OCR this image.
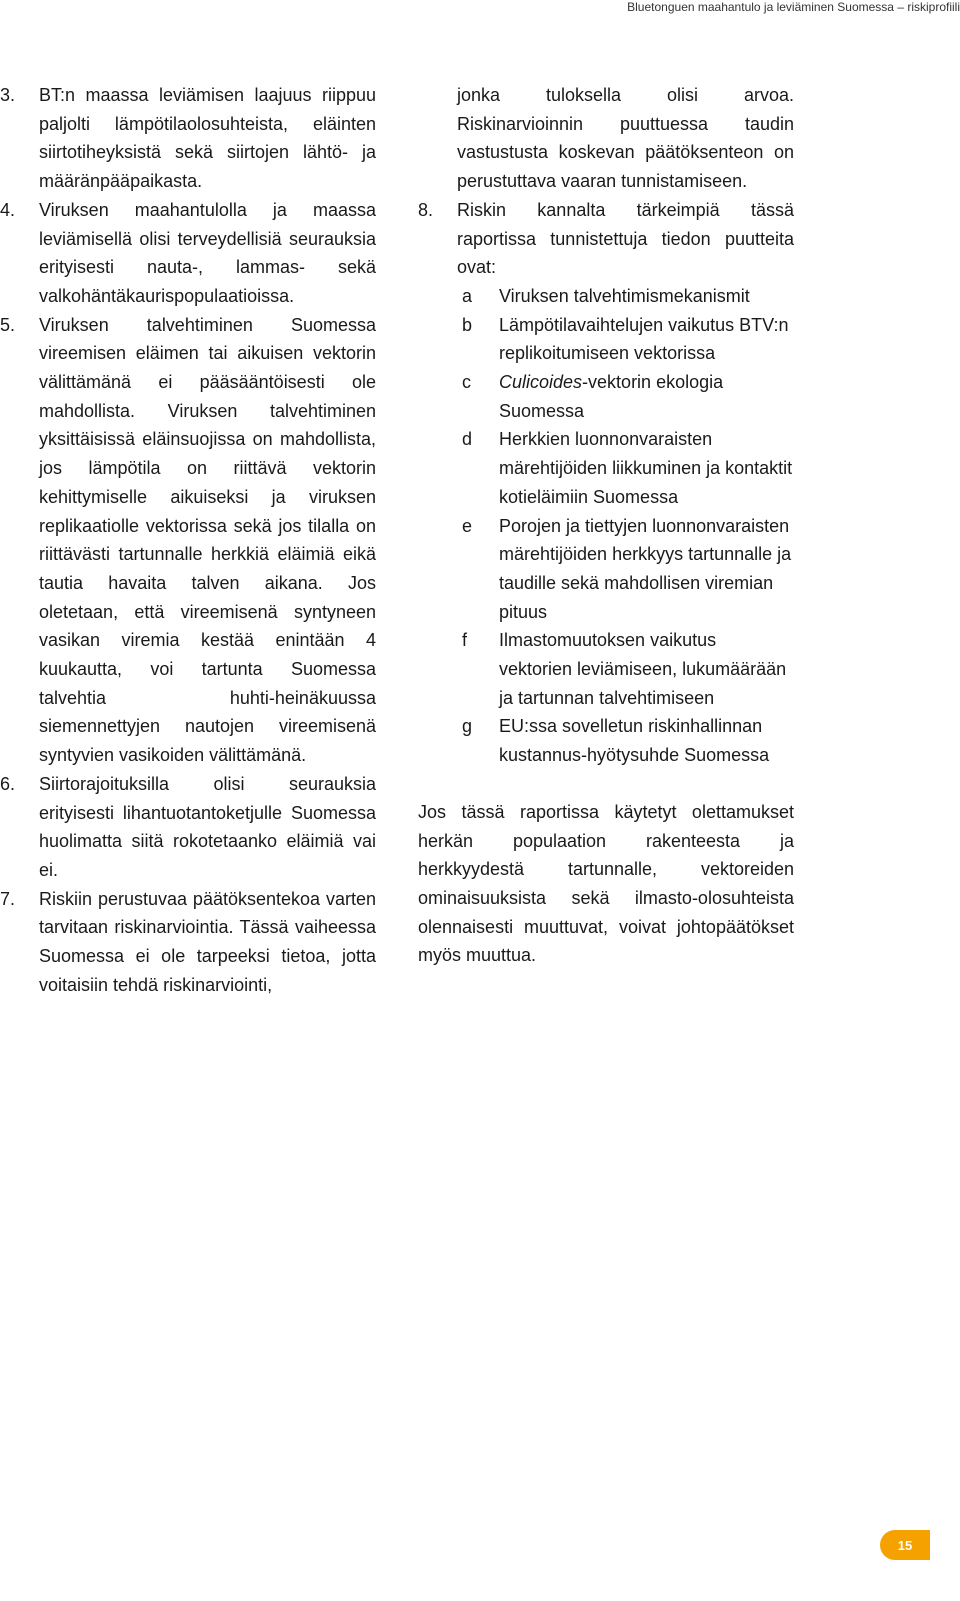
Bluetonguen maahantulo ja leviäminen Suomessa – riskiprofiili
3. BT:n maassa leviämisen laajuus riippuu paljolti lämpötilaolosuhteista, eläinten siirtotiheyksistä sekä siirtojen lähtö- ja määränpääpaikasta.
4. Viruksen maahantulolla ja maassa leviämisellä olisi terveydellisiä seurauksia erityisesti nauta-, lammas- sekä valkohäntäkaurispopulaatioissa.
5. Viruksen talvehtiminen Suomessa vireemisen eläimen tai aikuisen vektorin välittämänä ei pääsääntöisesti ole mahdollista. Viruksen talvehtiminen yksittäisissä eläinsuojissa on mahdollista, jos lämpötila on riittävä vektorin kehittymiselle aikuiseksi ja viruksen replikaatiolle vektorissa sekä jos tilalla on riittävästi tartunnalle herkkiä eläimiä eikä tautia havaita talven aikana. Jos oletetaan, että vireemisenä syntyneen vasikan viremia kestää enintään 4 kuukautta, voi tartunta Suomessa talvehtia huhti-heinäkuussa siemennettyjen nautojen vireemisenä syntyvien vasikoiden välittämänä.
6. Siirtorajoituksilla olisi seurauksia erityisesti lihantuotantoketjulle Suomessa huolimatta siitä rokotetaanko eläimiä vai ei.
7. Riskiin perustuvaa päätöksentekoa varten tarvitaan riskinarviointia. Tässä vaiheessa Suomessa ei ole tarpeeksi tietoa, jotta voitaisiin tehdä riskinarviointi,
jonka tuloksella olisi arvoa. Riskinarvioinnin puuttuessa taudin vastustusta koskevan päätöksenteon on perustuttava vaaran tunnistamiseen.
8. Riskin kannalta tärkeimpiä tässä raportissa tunnistettuja tiedon puutteita ovat:
a Viruksen talvehtimismekanismit
b Lämpötilavaihtelujen vaikutus BTV:n replikoitumiseen vektorissa
c Culicoides-vektorin ekologia Suomessa
d Herkkien luonnonvaraisten märehtijöiden liikkuminen ja kontaktit kotieläimiin Suomessa
e Porojen ja tiettyjen luonnonvaraisten märehtijöiden herkkyys tartunnalle ja taudille sekä mahdollisen viremian pituus
f Ilmastomuutoksen vaikutus vektorien leviämiseen, lukumäärään ja tartunnan talvehtimiseen
g EU:ssa sovelletun riskinhallinnan kustannus-hyötysuhde Suomessa

Jos tässä raportissa käytetyt olettamukset herkän populaation rakenteesta ja herkkyydestä tartunnalle, vektoreiden ominaisuuksista sekä ilmasto-olosuhteista olennaisesti muuttuvat, voivat johtopäätökset myös muuttua.

15
